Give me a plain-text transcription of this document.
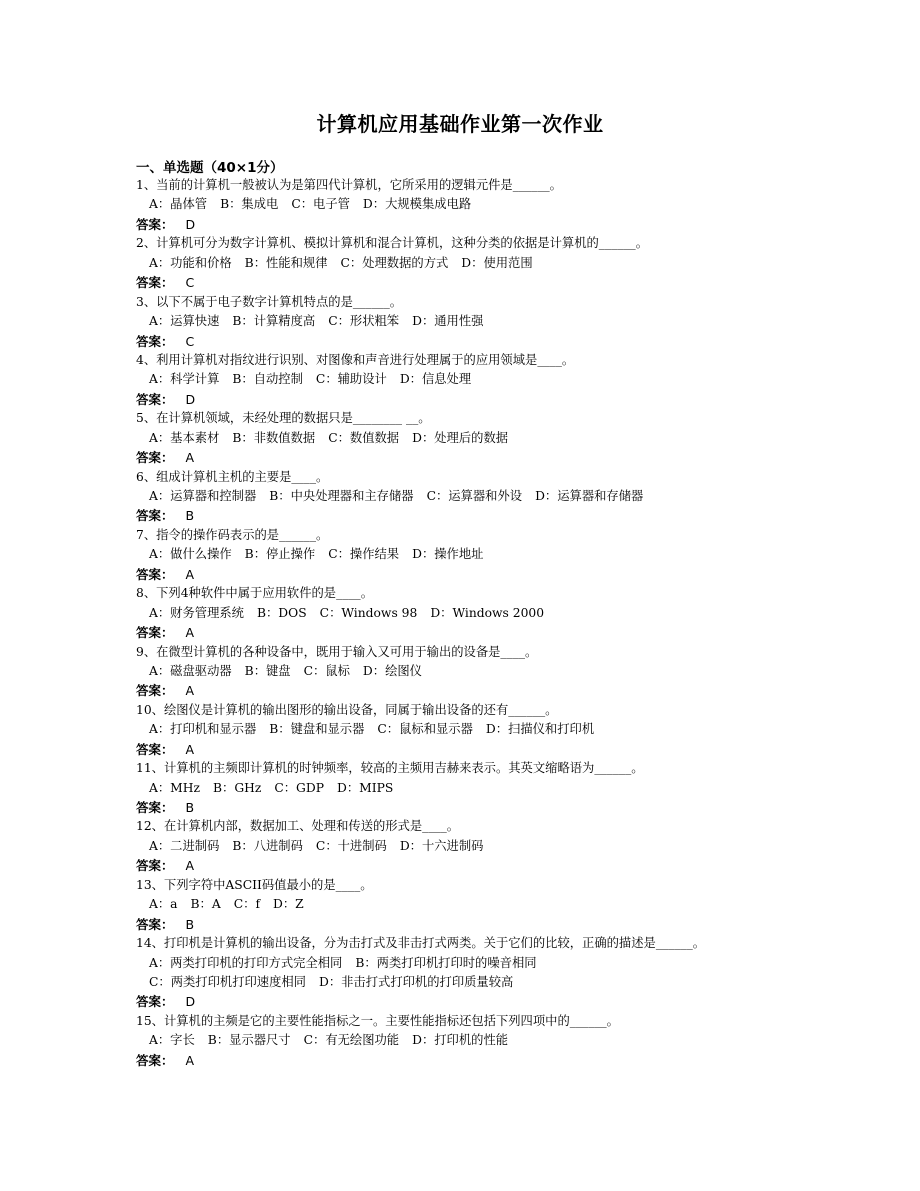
计算机应用基础作业第一次作业
一、单选题（40×1分）
1、当前的计算机一般被认为是第四代计算机，它所采用的逻辑元件是______。
A：晶体管 B：集成电 C：电子管 D：大规模集成电路
答案： D
2、计算机可分为数字计算机、模拟计算机和混合计算机，这种分类的依据是计算机的______。
A：功能和价格 B：性能和规律 C：处理数据的方式 D：使用范围
答案： C
3、以下不属于电子数字计算机特点的是______。
A：运算快速 B：计算精度高 C：形状粗笨 D：通用性强
答案： C
4、利用计算机对指纹进行识别、对图像和声音进行处理属于的应用领域是____。
A：科学计算 B：自动控制 C：辅助设计 D：信息处理
答案： D
5、在计算机领域，未经处理的数据只是________ __。
A：基本素材 B：非数值数据 C：数值数据 D：处理后的数据
答案： A
6、组成计算机主机的主要是____。
A：运算器和控制器 B：中央处理器和主存储器 C：运算器和外设 D：运算器和存储器
答案： B
7、指令的操作码表示的是______。
A：做什么操作 B：停止操作 C：操作结果 D：操作地址
答案： A
8、下列4种软件中属于应用软件的是____。
A：财务管理系统 B：DOS C：Windows 98 D：Windows 2000
答案： A
9、在微型计算机的各种设备中，既用于输入又可用于输出的设备是____。
A：磁盘驱动器 B：键盘 C：鼠标 D：绘图仪
答案： A
10、绘图仪是计算机的输出图形的输出设备，同属于输出设备的还有______。
A：打印机和显示器 B：键盘和显示器 C：鼠标和显示器 D：扫描仪和打印机
答案： A
11、计算机的主频即计算机的时钟频率，较高的主频用吉赫来表示。其英文缩略语为______。
A：MHz B：GHz C：GDP D：MIPS
答案： B
12、在计算机内部，数据加工、处理和传送的形式是____。
A：二进制码 B：八进制码 C：十进制码 D：十六进制码
答案： A
13、下列字符中ASCII码值最小的是____。
A：a B：A C：f D：Z
答案： B
14、打印机是计算机的输出设备，分为击打式及非击打式两类。关于它们的比较，正确的描述是______。
A：两类打印机的打印方式完全相同 B：两类打印机打印时的噪音相同
C：两类打印机打印速度相同 D：非击打式打印机的打印质量较高
答案： D
15、计算机的主频是它的主要性能指标之一。主要性能指标还包括下列四项中的______。
A：字长 B：显示器尺寸 C：有无绘图功能 D：打印机的性能
答案： A
